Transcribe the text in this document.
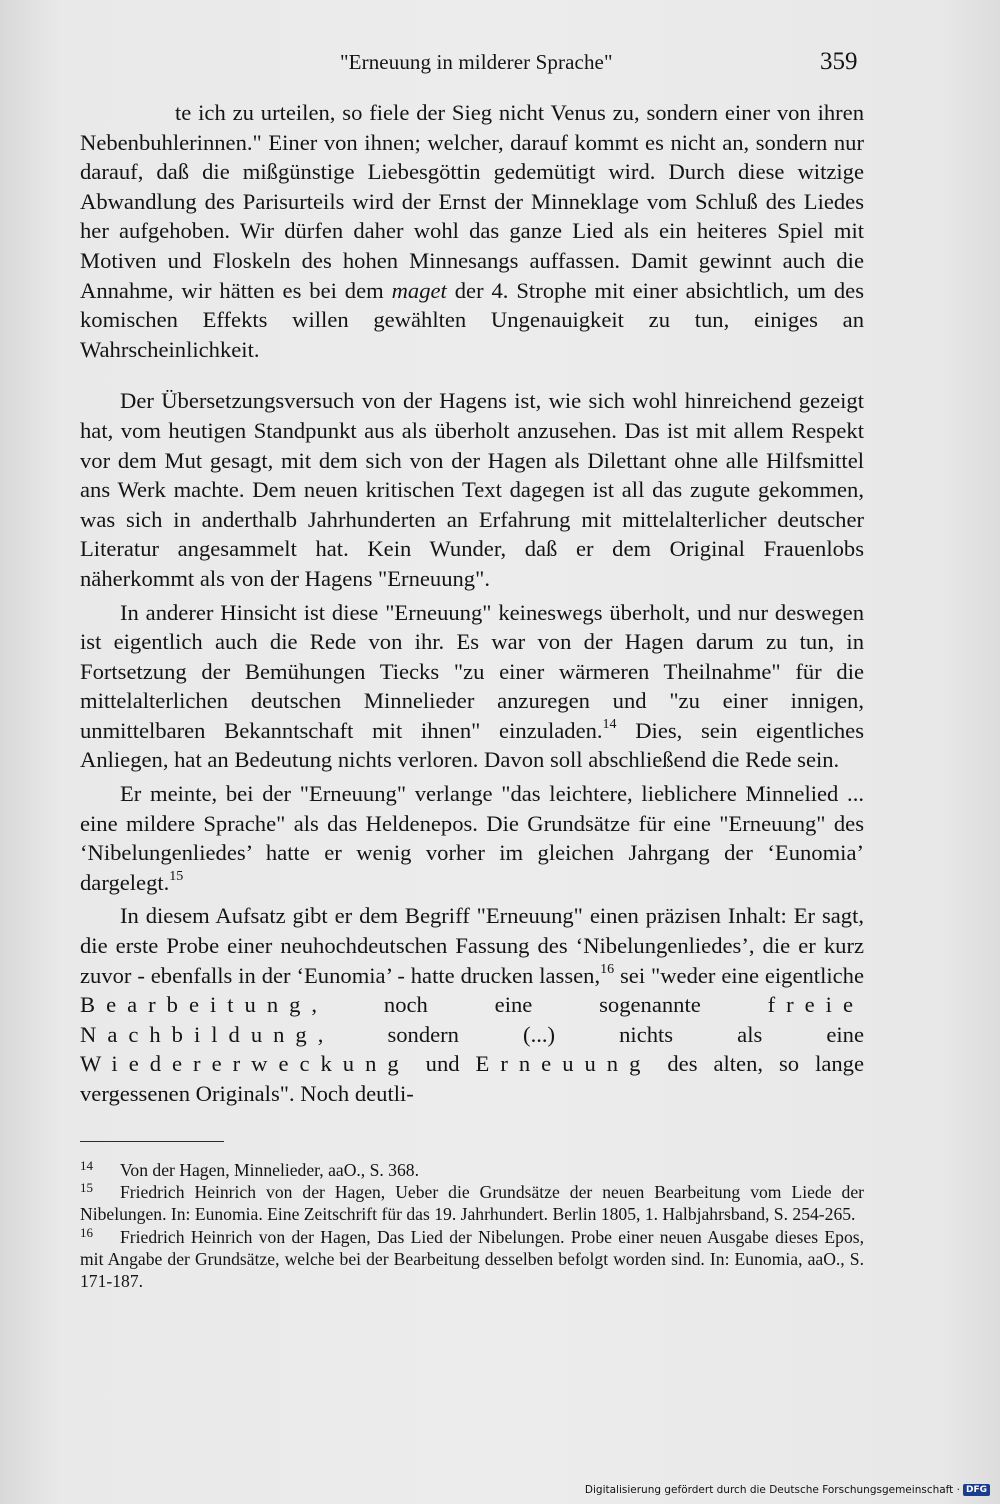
"Erneuung in milderer Sprache"	359

te ich zu urteilen, so fiele der Sieg nicht Venus zu, sondern einer von ihren Nebenbuhlerinnen." Einer von ihnen; welcher, darauf kommt es nicht an, sondern nur darauf, daß die mißgünstige Liebesgöttin gedemütigt wird. Durch diese witzige Abwandlung des Parisurteils wird der Ernst der Minneklage vom Schluß des Liedes her aufgehoben. Wir dürfen daher wohl das ganze Lied als ein heiteres Spiel mit Motiven und Floskeln des hohen Minnesangs auffassen. Damit gewinnt auch die Annahme, wir hätten es bei dem maget der 4. Strophe mit einer absichtlich, um des komischen Effekts willen gewählten Ungenauigkeit zu tun, einiges an Wahrscheinlichkeit.

Der Übersetzungsversuch von der Hagens ist, wie sich wohl hinreichend gezeigt hat, vom heutigen Standpunkt aus als überholt anzusehen. Das ist mit allem Respekt vor dem Mut gesagt, mit dem sich von der Hagen als Dilettant ohne alle Hilfsmittel ans Werk machte. Dem neuen kritischen Text dagegen ist all das zugute gekommen, was sich in anderthalb Jahrhunderten an Erfahrung mit mittelalterlicher deutscher Literatur angesammelt hat. Kein Wunder, daß er dem Original Frauenlobs näherkommt als von der Hagens "Erneuung".

In anderer Hinsicht ist diese "Erneuung" keineswegs überholt, und nur deswegen ist eigentlich auch die Rede von ihr. Es war von der Hagen darum zu tun, in Fortsetzung der Bemühungen Tiecks "zu einer wärmeren Theilnahme" für die mittelalterlichen deutschen Minnelieder anzuregen und "zu einer innigen, unmittelbaren Bekanntschaft mit ihnen" einzuladen.$^{14}$ Dies, sein eigentliches Anliegen, hat an Bedeutung nichts verloren. Davon soll abschließend die Rede sein.

Er meinte, bei der "Erneuung" verlange "das leichtere, lieblichere Minnelied ... eine mildere Sprache" als das Heldenepos. Die Grundsätze für eine "Erneuung" des ‘Nibelungenliedes’ hatte er wenig vorher im gleichen Jahrgang der ‘Eunomia’ dargelegt.$^{15}$

In diesem Aufsatz gibt er dem Begriff "Erneuung" einen präzisen Inhalt: Er sagt, die erste Probe einer neuhochdeutschen Fassung des ‘Nibelungenliedes’, die er kurz zuvor - ebenfalls in der ‘Eunomia’ - hatte drucken lassen,$^{16}$ sei "weder eine eigentliche Bearbeitung, noch eine sogenannte freie Nachbildung, sondern (...) nichts als eine Wiedererweckung und Erneuung des alten, so lange vergessenen Originals". Noch deutli-

14 Von der Hagen, Minnelieder, aaO., S. 368.

15 Friedrich Heinrich von der Hagen, Ueber die Grundsätze der neuen Bearbeitung vom Liede der Nibelungen. In: Eunomia. Eine Zeitschrift für das 19. Jahrhundert. Berlin 1805, 1. Halbjahrsband, S. 254-265.

16 Friedrich Heinrich von der Hagen, Das Lied der Nibelungen. Probe einer neuen Ausgabe dieses Epos, mit Angabe der Grundsätze, welche bei der Bearbeitung desselben befolgt worden sind. In: Eunomia, aaO., S. 171-187.

Digitalisierung gefördert durch die Deutsche Forschungsgemeinschaft · DFG
